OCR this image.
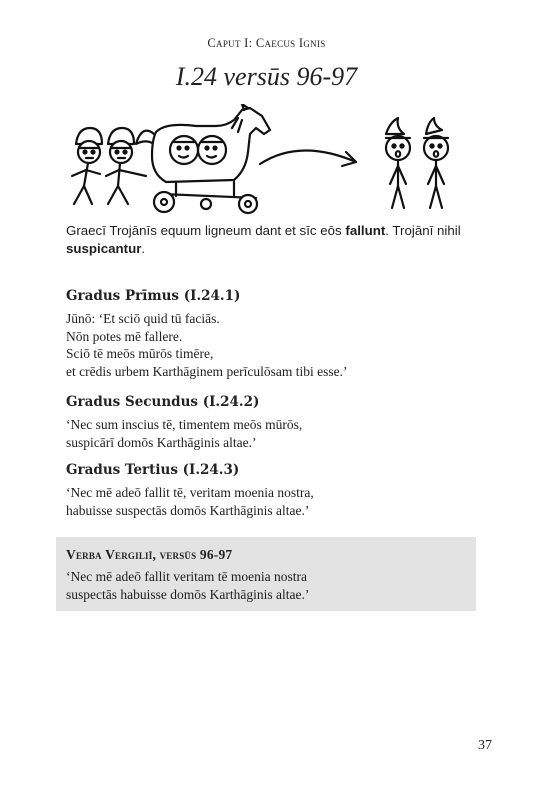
Caput I: Caecus Ignis
I.24 versūs 96-97
Graecī Trojānīs equum ligneum dant et sīc eōs fallunt. Trojānī nihil suspicantur.
Gradus Prīmus (I.24.1)

Jūnō: ‘Et sciō quid tū faciās.

Nōn potes mē fallere.

Sciō tē meōs mūrōs timēre,

et crēdis urbem Karthāginem perīculōsam tibi esse.’

Gradus Secundus (I.24.2)

‘Nec sum inscius tē, timentem meōs mūrōs,

suspicārī domōs Karthāginis altae.’

Gradus Tertius (I.24.3)

‘Nec mē adeō fallit tē, veritam moenia nostra,

habuisse suspectās domōs Karthāginis altae.’

Verba Vergiliī, versūs 96-97

‘Nec mē adeō fallit veritam tē moenia nostra

suspectās habuisse domōs Karthāginis altae.’

37
